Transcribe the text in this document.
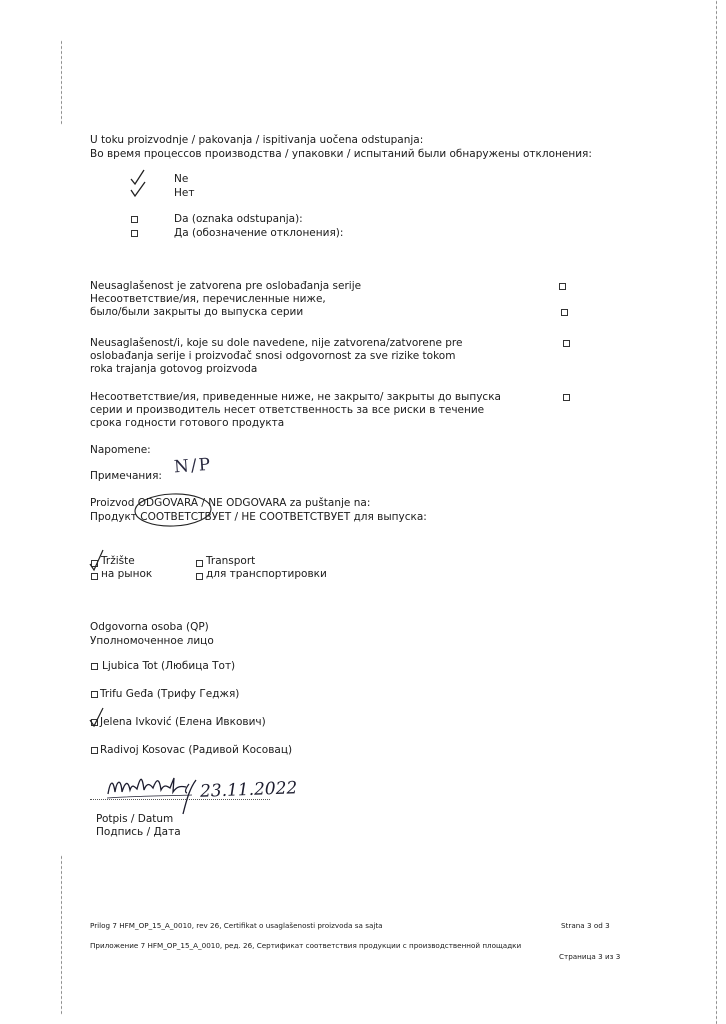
U toku proizvodnje / pakovanja / ispitivanja uočena odstupanja:
Во время процессов производства / упаковки / испытаний были обнаружены отклонения:
Ne
Нет
Da (oznaka odstupanja):
Да (обозначение отклонения):
Neusaglašenost je zatvorena pre oslobađanja serije
Несоответствие/ия, перечисленные ниже,
было/были закрыты до выпуска серии
Neusaglašenost/i, koje su dole navedene, nije zatvorena/zatvorene pre
oslobađanja serije i proizvođač snosi odgovornost za sve rizike tokom
roka trajanja gotovog proizvoda
Несоответствие/ия, приведенные ниже, не закрыто/ закрыты до выпуска
серии и производитель несет ответственность за все риски в течение
срока годности готового продукта
Napomene:
Примечания: N/P
Proizvod ODGOVARA / NE ODGOVARA za puštanje na:
Продукт СООТВЕТСТВУЕТ / НЕ СООТВЕТСТВУЕТ для выпуска:
Tržište
на рынок
Transport
для транспортировки
Odgovorna osoba (QP)
Уполномоченное лицо
Ljubica Tot (Любица Тот)
Trifu Geđa (Трифу Геджя)
Jelena Ivković (Елена Ивкович)
Radivoj Kosovac (Радивой Косовац)
23.11.2022
Potpis / Datum
Подпись / Дата
Prilog 7 HFM_OP_15_A_0010, rev 26, Certifikat o usaglašenosti proizvoda sa sajta	Strana 3 od 3
Приложение 7 HFM_OP_15_A_0010, ред. 26, Сертификат соответствия продукции с производственной площадки
Страница 3 из 3
